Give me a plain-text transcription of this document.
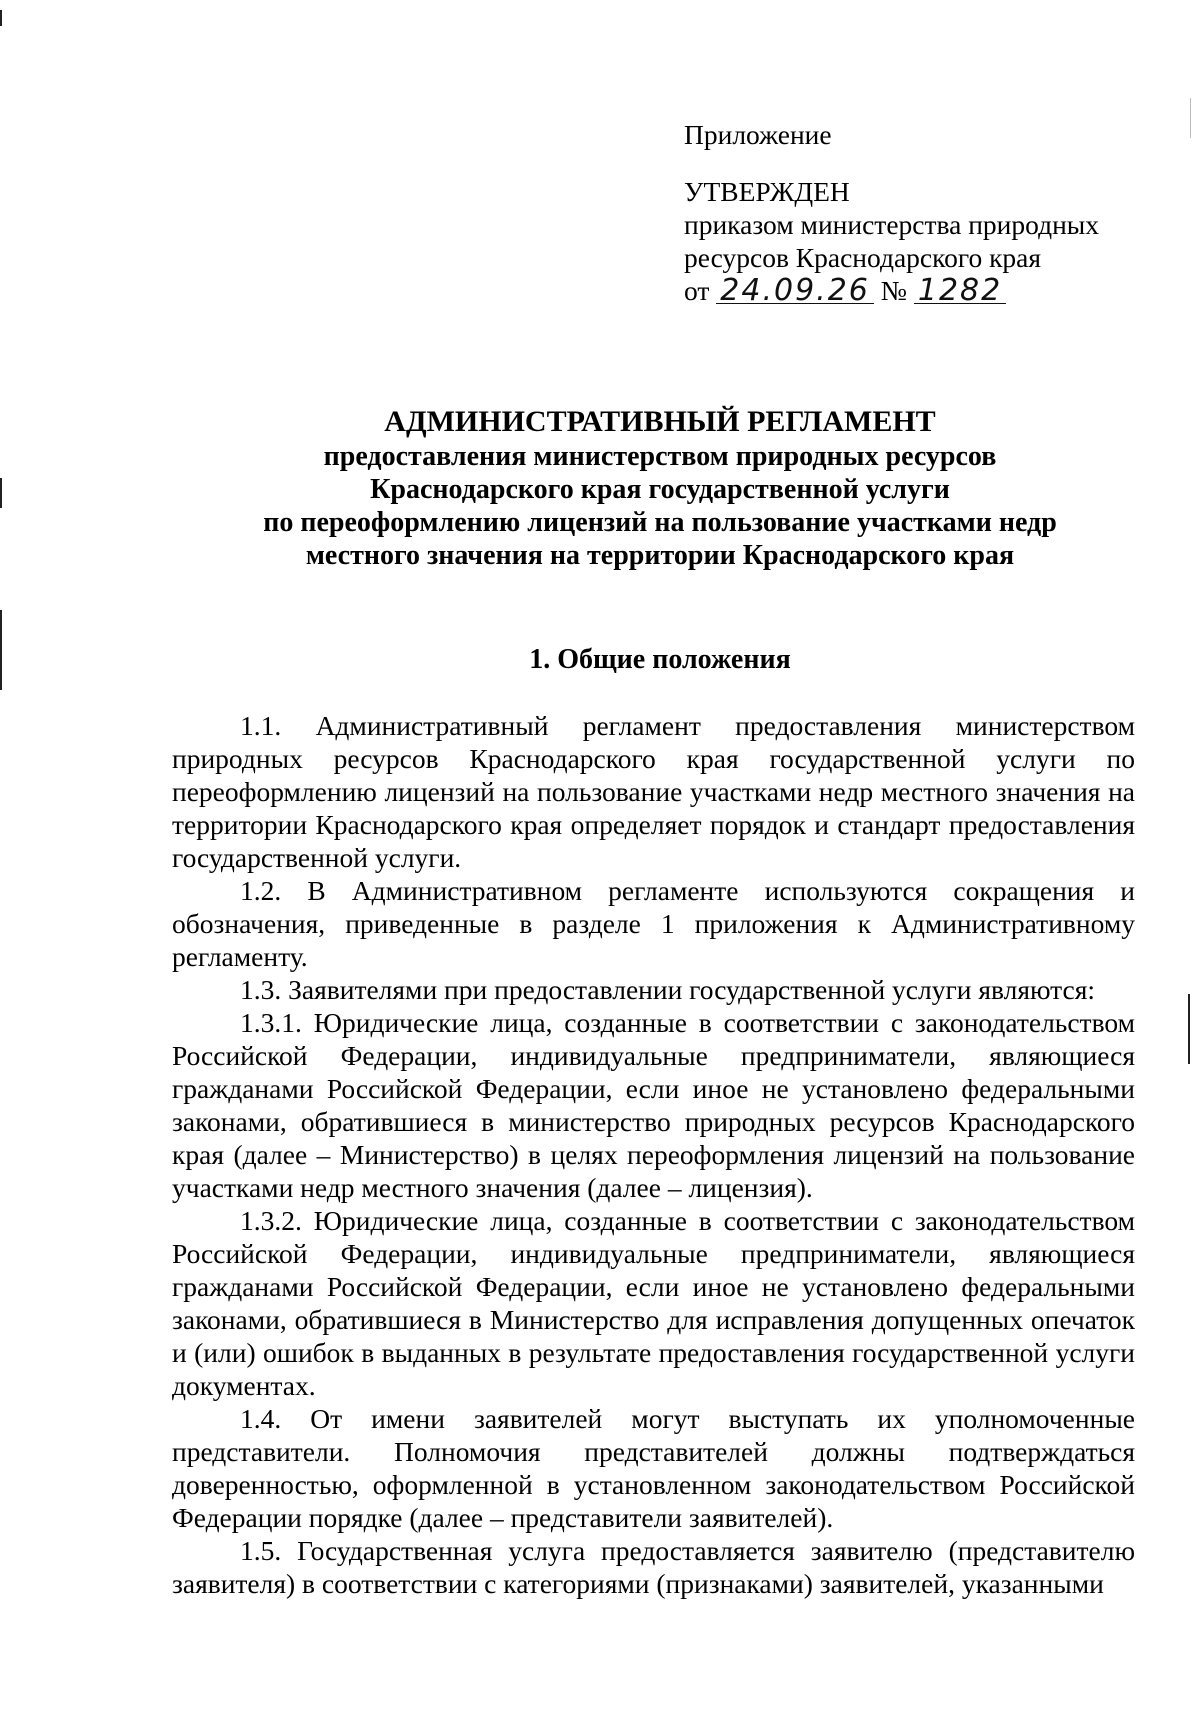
Приложение

УТВЕРЖДЕН

приказом министерства природных
ресурсов Краснодарского края
от 24.09.26 № 1282
АДМИНИСТРАТИВНЫЙ РЕГЛАМЕНТ
предоставления министерством природных ресурсов
Краснодарского края государственной услуги
по переоформлению лицензий на пользование участками недр
местного значения на территории Краснодарского края
1. Общие положения

1.1. Административный регламент предоставления министерством природных ресурсов Краснодарского края государственной услуги по переоформлению лицензий на пользование участками недр местного значения на территории Краснодарского края определяет порядок и стандарт предоставления государственной услуги.

1.2. В Административном регламенте используются сокращения и обозначения, приведенные в разделе 1 приложения к Административному регламенту.

1.3. Заявителями при предоставлении государственной услуги являются:

1.3.1. Юридические лица, созданные в соответствии с законодательством Российской Федерации, индивидуальные предприниматели, являющиеся гражданами Российской Федерации, если иное не установлено федеральными законами, обратившиеся в министерство природных ресурсов Краснодарского края (далее – Министерство) в целях переоформления лицензий на пользование участками недр местного значения (далее – лицензия).

1.3.2. Юридические лица, созданные в соответствии с законодательством Российской Федерации, индивидуальные предприниматели, являющиеся гражданами Российской Федерации, если иное не установлено федеральными законами, обратившиеся в Министерство для исправления допущенных опечаток и (или) ошибок в выданных в результате предоставления государственной услуги документах.

1.4. От имени заявителей могут выступать их уполномоченные представители. Полномочия представителей должны подтверждаться доверенностью, оформленной в установленном законодательством Российской Федерации порядке (далее – представители заявителей).

1.5. Государственная услуга предоставляется заявителю (представителю заявителя) в соответствии с категориями (признаками) заявителей, указанными
